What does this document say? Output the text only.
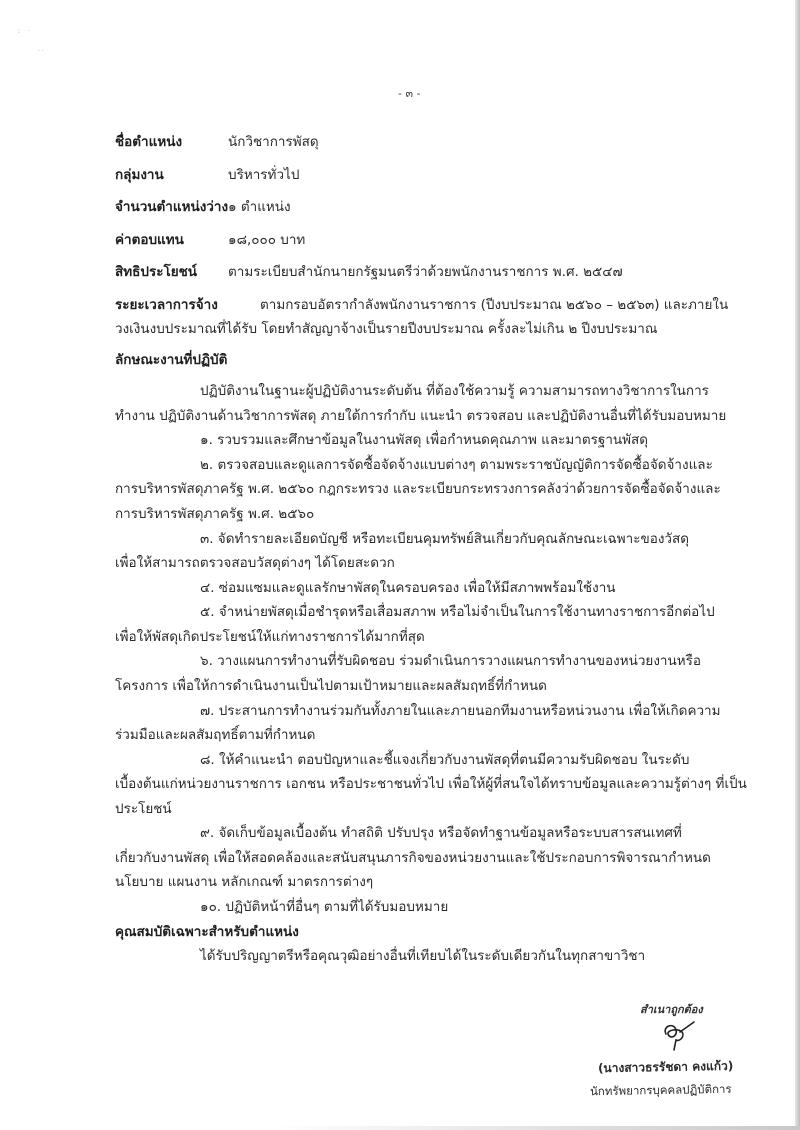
: ·
· ·
- ๓ -
ชื่อตำแหน่ง	นักวิชาการพัสดุ
กลุ่มงาน	บริหารทั่วไป
จำนวนตำแหน่งว่าง ๑ ตำแหน่ง
ค่าตอบแทน	๑๘,๐๐๐ บาท
สิทธิประโยชน์ ตามระเบียบสำนักนายกรัฐมนตรีว่าด้วยพนักงานราชการ พ.ศ. ๒๕๔๗
ระยะเวลาการจ้าง	ตามกรอบอัตรากำลังพนักงานราชการ (ปีงบประมาณ ๒๕๖๐ – ๒๕๖๓) และภายใน
วงเงินงบประมาณที่ได้รับ โดยทำสัญญาจ้างเป็นรายปีงบประมาณ ครั้งละไม่เกิน ๒ ปีงบประมาณ
ลักษณะงานที่ปฏิบัติ
ปฏิบัติงานในฐานะผู้ปฏิบัติงานระดับต้น ที่ต้องใช้ความรู้ ความสามารถทางวิชาการในการ
ทำงาน ปฏิบัติงานด้านวิชาการพัสดุ ภายใต้การกำกับ แนะนำ ตรวจสอบ และปฏิบัติงานอื่นที่ได้รับมอบหมาย
๑. รวบรวมและศึกษาข้อมูลในงานพัสดุ เพื่อกำหนดคุณภาพ และมาตรฐานพัสดุ
๒. ตรวจสอบและดูแลการจัดซื้อจัดจ้างแบบต่างๆ ตามพระราชบัญญัติการจัดซื้อจัดจ้างและ
การบริหารพัสดุภาครัฐ พ.ศ. ๒๕๖๐ กฎกระทรวง และระเบียบกระทรวงการคลังว่าด้วยการจัดซื้อจัดจ้างและ
การบริหารพัสดุภาครัฐ พ.ศ. ๒๕๖๐
๓. จัดทำรายละเอียดบัญชี หรือทะเบียนคุมทรัพย์สินเกี่ยวกับคุณลักษณะเฉพาะของวัสดุ
เพื่อให้สามารถตรวจสอบวัสดุต่างๆ ได้โดยสะดวก
๔. ซ่อมแซมและดูแลรักษาพัสดุในครอบครอง เพื่อให้มีสภาพพร้อมใช้งาน
๕. จำหน่ายพัสดุเมื่อชำรุดหรือเสื่อมสภาพ หรือไม่จำเป็นในการใช้งานทางราชการอีกต่อไป
เพื่อให้พัสดุเกิดประโยชน์ให้แก่ทางราชการได้มากที่สุด
๖. วางแผนการทำงานที่รับผิดชอบ ร่วมดำเนินการวางแผนการทำงานของหน่วยงานหรือ
โครงการ เพื่อให้การดำเนินงานเป็นไปตามเป้าหมายและผลสัมฤทธิ์ที่กำหนด
๗. ประสานการทำงานร่วมกันทั้งภายในและภายนอกทีมงานหรือหน่วนงาน เพื่อให้เกิดความ
ร่วมมือและผลสัมฤทธิ์ตามที่กำหนด
๘. ให้คำแนะนำ ตอบปัญหาและชี้แจงเกี่ยวกับงานพัสดุที่ตนมีความรับผิดชอบ ในระดับ
เบื้องต้นแก่หน่วยงานราชการ เอกชน หรือประชาชนทั่วไป เพื่อให้ผู้ที่สนใจได้ทราบข้อมูลและความรู้ต่างๆ ที่เป็น
ประโยชน์
๙. จัดเก็บข้อมูลเบื้องต้น ทำสถิติ ปรับปรุง หรือจัดทำฐานข้อมูลหรือระบบสารสนเทศที่
เกี่ยวกับงานพัสดุ เพื่อให้สอดคล้องและสนับสนุนภารกิจของหน่วยงานและใช้ประกอบการพิจารณากำหนด
นโยบาย แผนงาน หลักเกณฑ์ มาตรการต่างๆ
๑๐. ปฏิบัติหน้าที่อื่นๆ ตามที่ได้รับมอบหมาย
คุณสมบัติเฉพาะสำหรับตำแหน่ง
ได้รับปริญญาตรีหรือคุณวุฒิอย่างอื่นที่เทียบได้ในระดับเดียวกันในทุกสาขาวิชา
สำเนาถูกต้อง
(นางสาวธรรัชดา คงแก้ว)
นักทรัพยากรบุคคลปฏิบัติการ
